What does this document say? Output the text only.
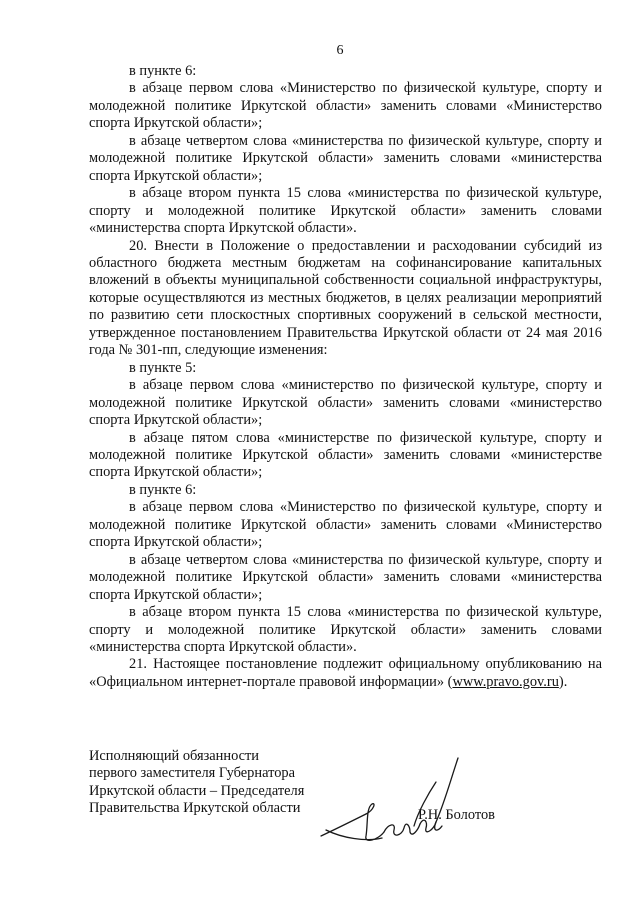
6

в пункте 6:

в абзаце первом слова «Министерство по физической культуре, спорту и молодежной политике Иркутской области» заменить словами «Министерство спорта Иркутской области»;

в абзаце четвертом слова «министерства по физической культуре, спорту и молодежной политике Иркутской области» заменить словами «министерства спорта Иркутской области»;

в абзаце втором пункта 15 слова «министерства по физической культуре, спорту и молодежной политике Иркутской области» заменить словами «министерства спорта Иркутской области».

20. Внести в Положение о предоставлении и расходовании субсидий из областного бюджета местным бюджетам на софинансирование капитальных вложений в объекты муниципальной собственности социальной инфраструктуры, которые осуществляются из местных бюджетов, в целях реализации мероприятий по развитию сети плоскостных спортивных сооружений в сельской местности, утвержденное постановлением Правительства Иркутской области от 24 мая 2016 года № 301-пп, следующие изменения:

в пункте 5:

в абзаце первом слова «министерство по физической культуре, спорту и молодежной политике Иркутской области» заменить словами «министерство спорта Иркутской области»;

в абзаце пятом слова «министерстве по физической культуре, спорту и молодежной политике Иркутской области» заменить словами «министерстве спорта Иркутской области»;

в пункте 6:

в абзаце первом слова «Министерство по физической культуре, спорту и молодежной политике Иркутской области» заменить словами «Министерство спорта Иркутской области»;

в абзаце четвертом слова «министерства по физической культуре, спорту и молодежной политике Иркутской области» заменить словами «министерства спорта Иркутской области»;

в абзаце втором пункта 15 слова «министерства по физической культуре, спорту и молодежной политике Иркутской области» заменить словами «министерства спорта Иркутской области».

21. Настоящее постановление подлежит официальному опубликованию на «Официальном интернет-портале правовой информации» (www.pravo.gov.ru).

Исполняющий обязанности

первого заместителя Губернатора

Иркутской области – Председателя

Правительства Иркутской области	Р.Н. Болотов
